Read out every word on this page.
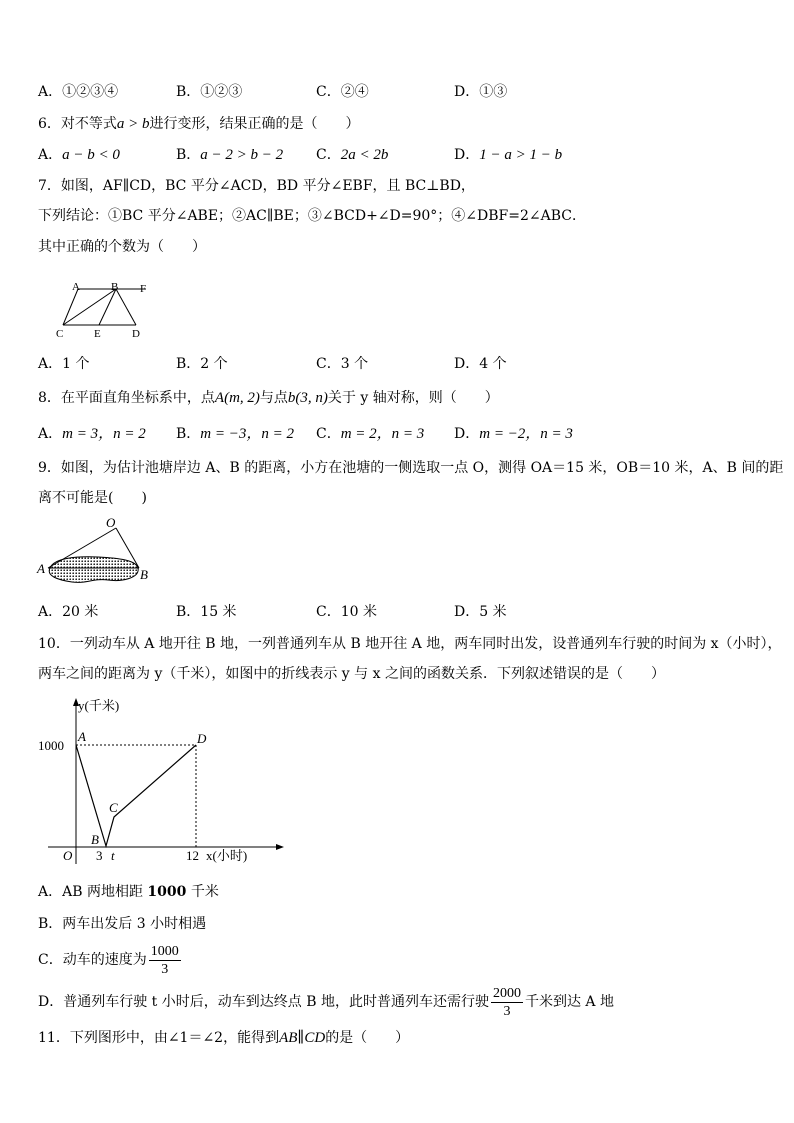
A．①②③④	B．①②③	C．②④	D．①③
6．对不等式a > b进行变形，结果正确的是（　　）
A．a − b < 0	B．a − 2 > b − 2 C．2a < 2b	D．1 − a > 1 − b
7．如图，AF∥CD，BC 平分∠ACD，BD 平分∠EBF，且 BC⊥BD，
下列结论：①BC 平分∠ABE；②AC∥BE；③∠BCD+∠D=90°；④∠DBF=2∠ABC．
其中正确的个数为（　　）
A	B F
C	E	D
A．1 个	B．2 个	C．3 个	D．4 个
8．在平面直角坐标系中，点A(m, 2)与点b(3, n)关于 y 轴对称，则（　　）
A．m = 3，n = 2 B．m = −3，n = 2 C．m = 2，n = 3 D．m = −2，n = 3
9．如图，为估计池塘岸边 A、B 的距离，小方在池塘的一侧选取一点 O，测得 OA＝15 米，OB＝10 米，A、B 间的距
离不可能是(　　)
O
A	B
A．20 米	B．15 米	C．10 米	D．5 米
10．一列动车从 A 地开往 B 地，一列普通列车从 B 地开往 A 地，两车同时出发，设普通列车行驶的时间为 x（小时），
两车之间的距离为 y（千米），如图中的折线表示 y 与 x 之间的函数关系．下列叙述错误的是（　　）
y(千米)
1000
O 3 t	12 x(小时)
A
B
C
D
A．AB 两地相距 1000 千米
B．两车出发后 3 小时相遇
C．动车的速度为 $\frac{1000}{3}$
D．普通列车行驶 t 小时后，动车到达终点 B 地，此时普通列车还需行驶 $\frac{2000}{3}$ 千米到达 A 地
11．下列图形中，由∠1＝∠2，能得到AB∥CD的是（　　）
